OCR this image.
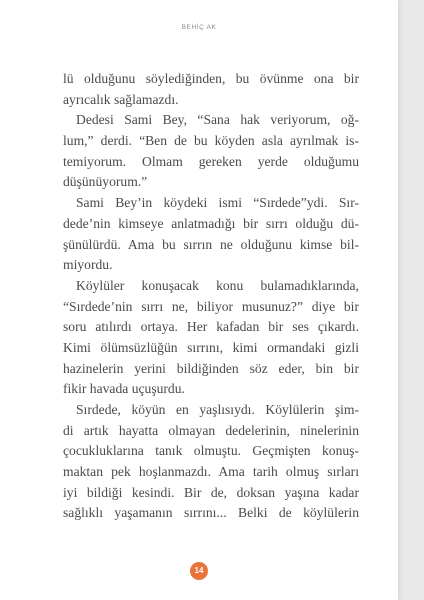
BEHİÇ AK
lü olduğunu söylediğinden, bu övünme ona bir
ayrıcalık sağlamazdı.
Dedesi Sami Bey, “Sana hak veriyorum, oğ-
lum,” derdi. “Ben de bu köyden asla ayrılmak is-
temiyorum. Olmam gereken yerde olduğumu
düşünüyorum.”
Sami Bey’in köydeki ismi “Sırdede”ydi. Sır-
dede’nin kimseye anlatmadığı bir sırrı olduğu dü-
şünülürdü. Ama bu sırrın ne olduğunu kimse bil-
miyordu.
Köylüler konuşacak konu bulamadıklarında,
“Sırdede’nin sırrı ne, biliyor musunuz?” diye bir
soru atılırdı ortaya. Her kafadan bir ses çıkardı.
Kimi ölümsüzlüğün sırrını, kimi ormandaki gizli
hazinelerin yerini bildiğinden söz eder, bin bir
fikir havada uçuşurdu.
Sırdede, köyün en yaşlısıydı. Köylülerin şim-
di artık hayatta olmayan dedelerinin, ninelerinin
çocukluklarına tanık olmuştu. Geçmişten konuş-
maktan pek hoşlanmazdı. Ama tarih olmuş sırları
iyi bildiği kesindi. Bir de, doksan yaşına kadar
sağlıklı yaşamanın sırrını... Belki de köylülerin
14
